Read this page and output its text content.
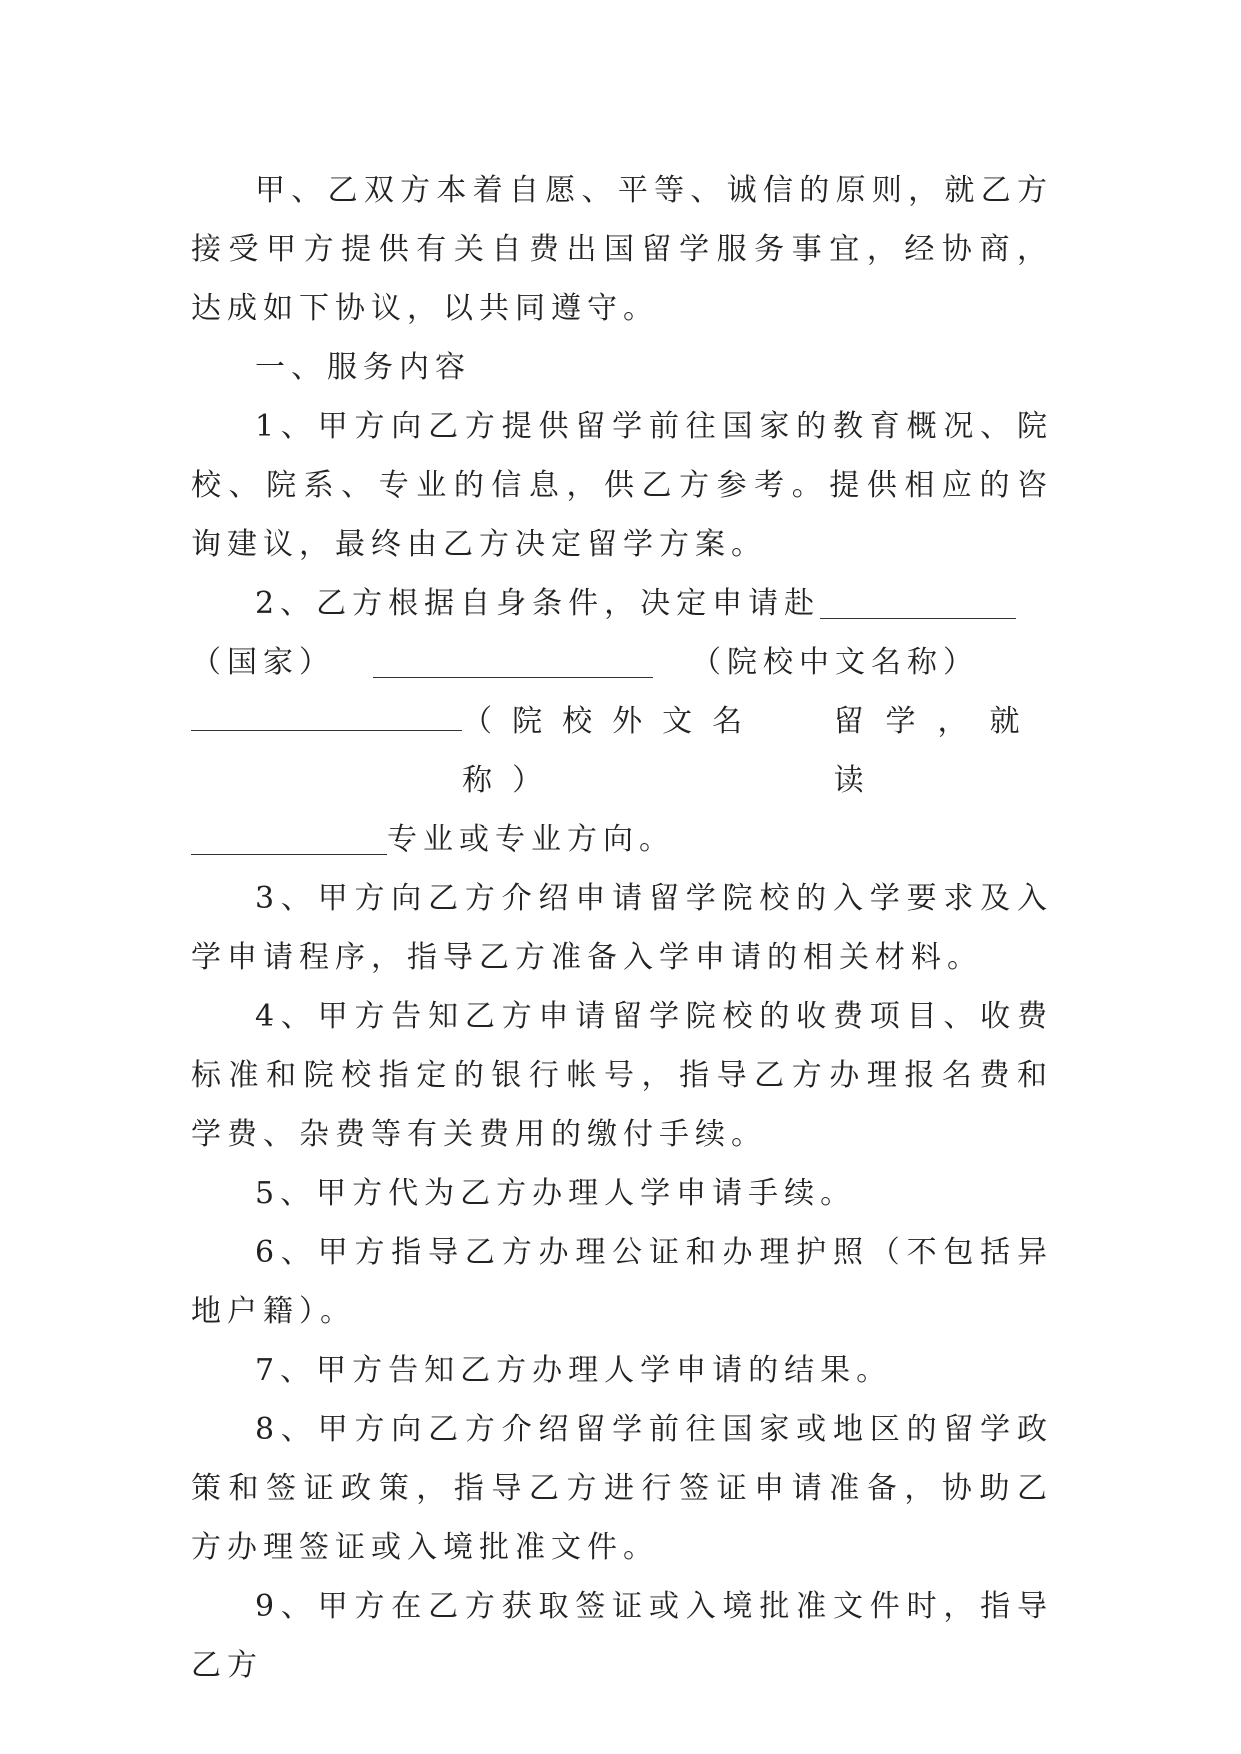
甲、乙双方本着自愿、平等、诚信的原则，就乙方接受甲方提供有关自费出国留学服务事宜，经协商，达成如下协议，以共同遵守。

一、服务内容

1、甲方向乙方提供留学前往国家的教育概况、院校、院系、专业的信息，供乙方参考。提供相应的咨询建议，最终由乙方决定留学方案。

2、乙方根据自身条件，决定申请赴（国家）	（院校中文名称）

（院校外文名称）
留学，就读

专业或专业方向。

3、甲方向乙方介绍申请留学院校的入学要求及入学申请程序，指导乙方准备入学申请的相关材料。

4、甲方告知乙方申请留学院校的收费项目、收费标准和院校指定的银行帐号，指导乙方办理报名费和学费、杂费等有关费用的缴付手续。

5、甲方代为乙方办理人学申请手续。

6、甲方指导乙方办理公证和办理护照（不包括异地户籍）。

7、甲方告知乙方办理人学申请的结果。

8、甲方向乙方介绍留学前往国家或地区的留学政策和签证政策，指导乙方进行签证申请准备，协助乙方办理签证或入境批准文件。

9、甲方在乙方获取签证或入境批准文件时，指导乙方
